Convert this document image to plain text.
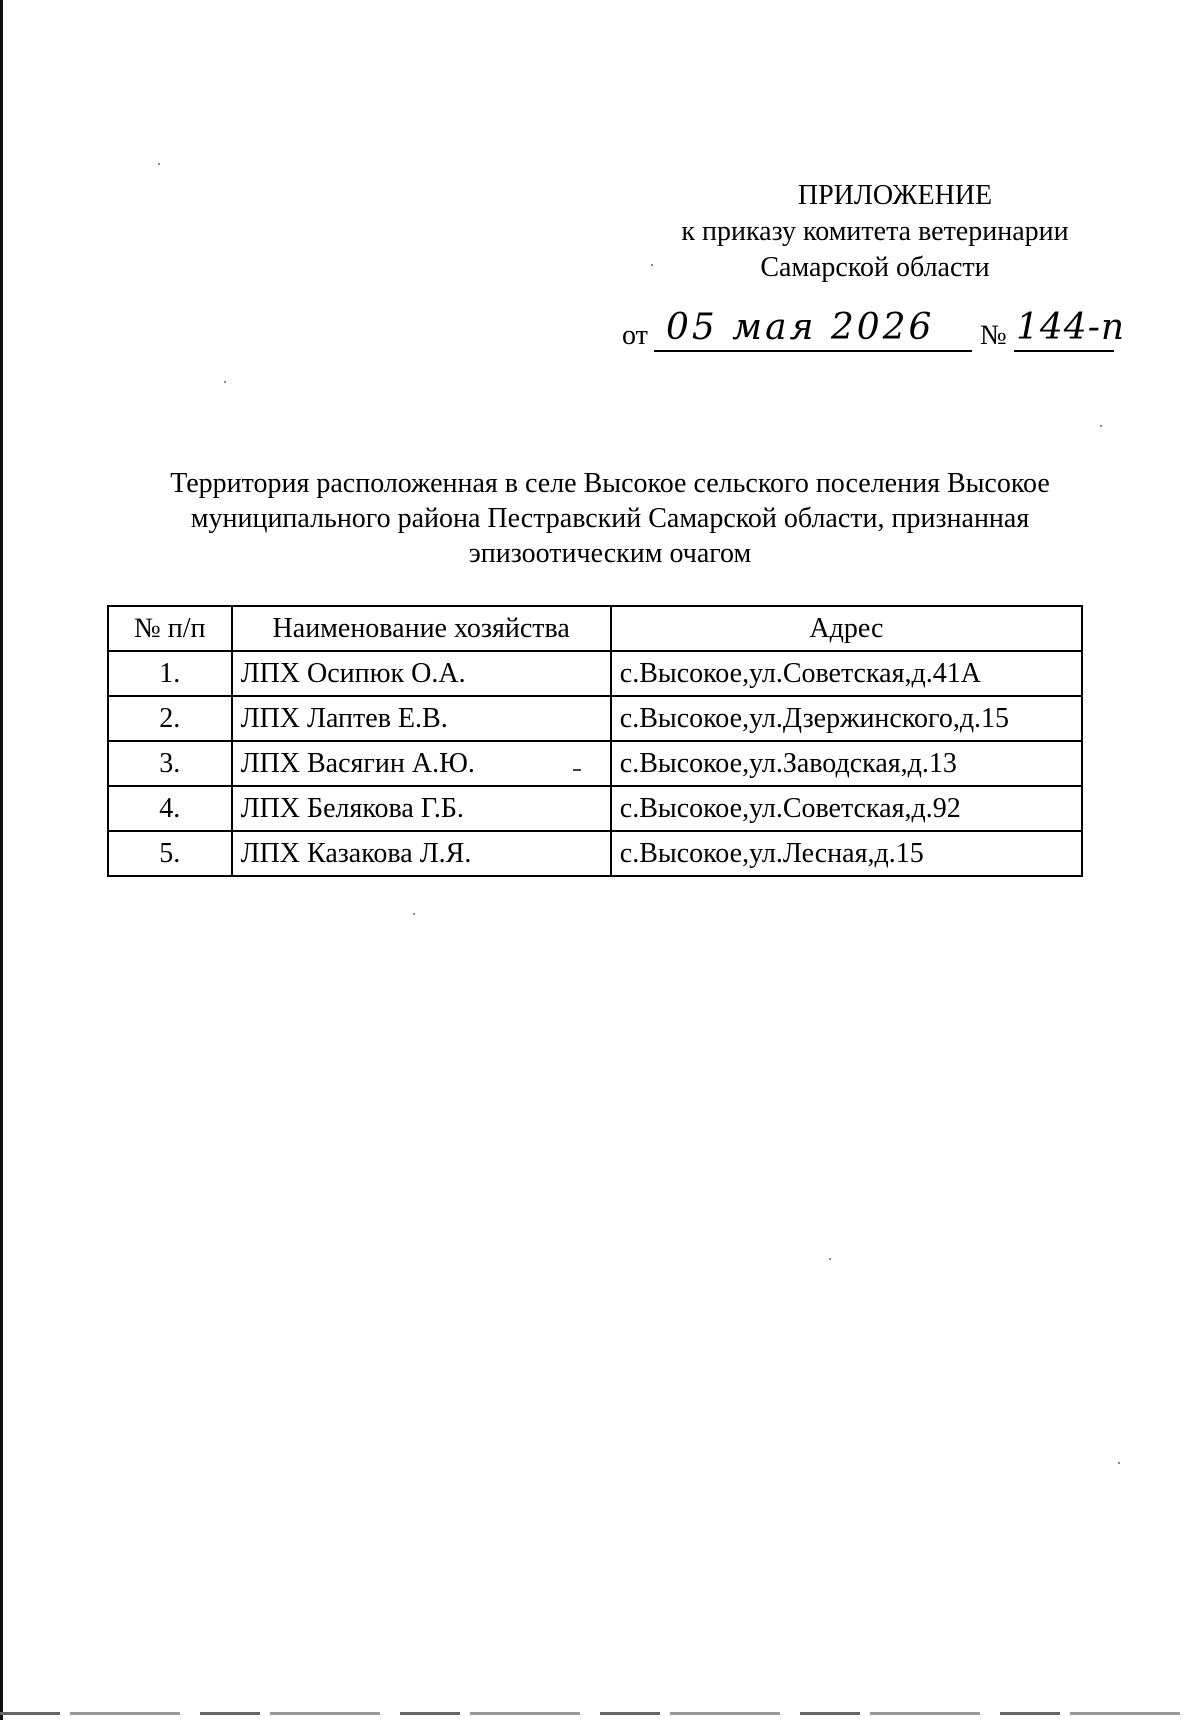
ПРИЛОЖЕНИЕ
к приказу комитета ветеринарии
Самарской области
от 05 мая 2026 № 144-п
Территория расположенная в селе Высокое сельского поселения Высокое
муниципального района Пестравский Самарской области, признанная
эпизоотическим очагом
№ п/п	Наименование хозяйства	Адрес
1.	ЛПХ Осипюк О.А.	с.Высокое,ул.Советская,д.41А
2.	ЛПХ Лаптев Е.В.	с.Высокое,ул.Дзержинского,д.15
3.	ЛПХ Васягин А.Ю.	с.Высокое,ул.Заводская,д.13
4.	ЛПХ Белякова Г.Б.	с.Высокое,ул.Советская,д.92
5.	ЛПХ Казакова Л.Я.	с.Высокое,ул.Лесная,д.15
